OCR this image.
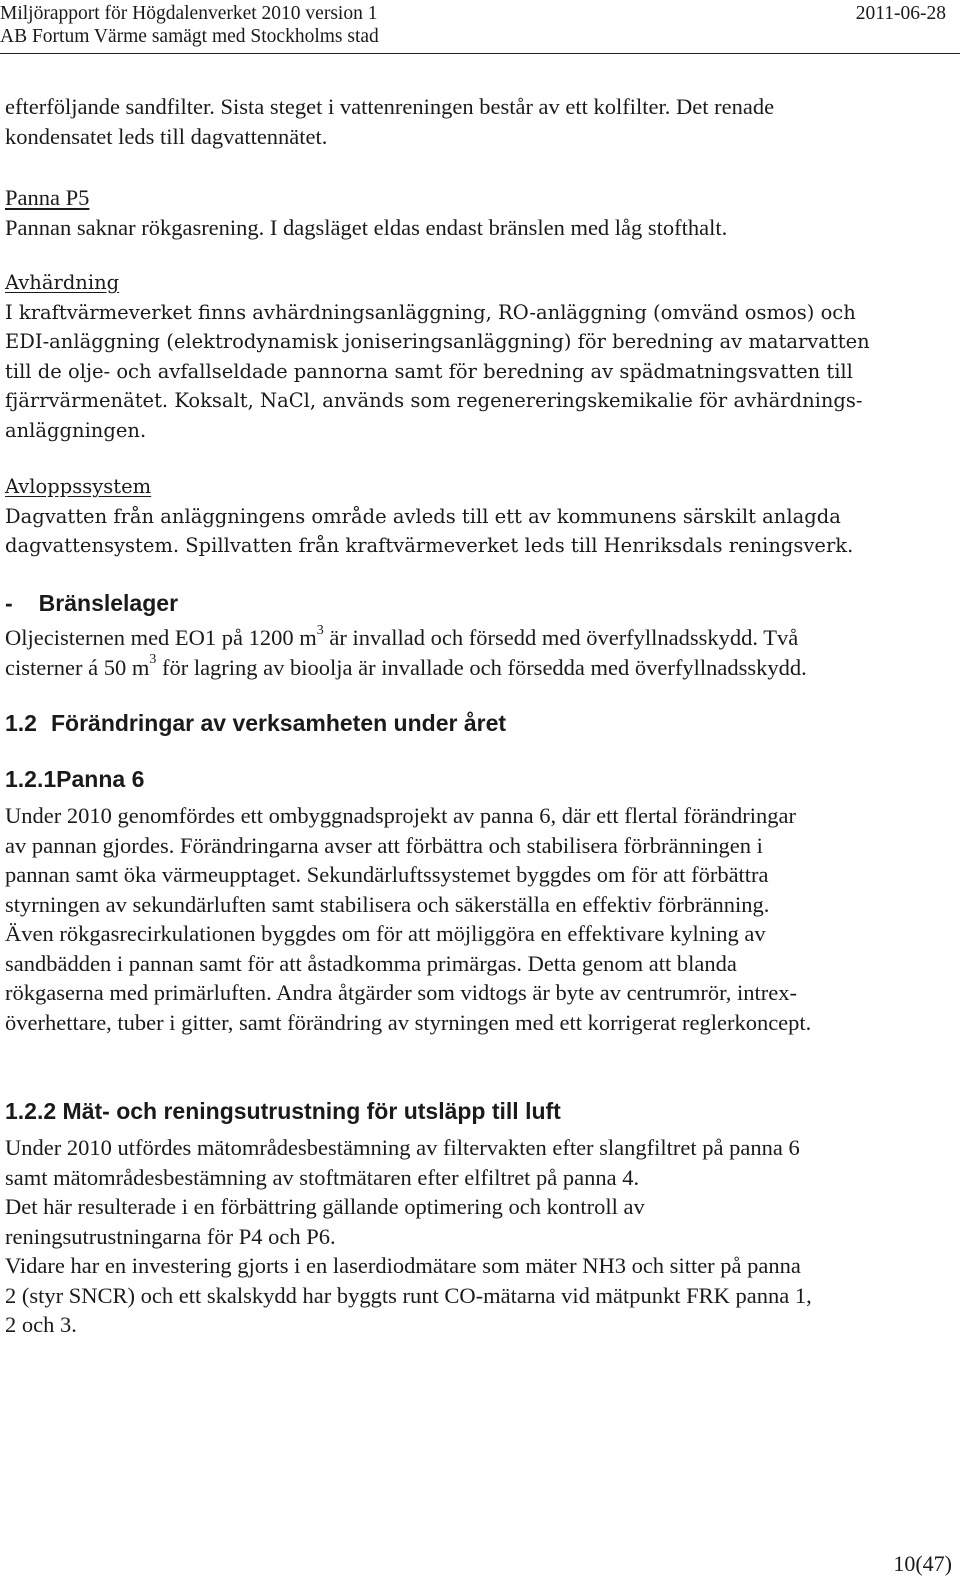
Miljörapport för Högdalenverket 2010 version 1
AB Fortum Värme samägt med Stockholms stad
2011-06-28
efterföljande sandfilter. Sista steget i vattenreningen består av ett kolfilter. Det renade
kondensatet leds till dagvattennätet.
Panna P5
Pannan saknar rökgasrening. I dagsläget eldas endast bränslen med låg stofthalt.
Avhärdning
I kraftvärmeverket finns avhärdningsanläggning, RO-anläggning (omvänd osmos) och
EDI-anläggning (elektrodynamisk joniseringsanläggning) för beredning av matarvatten
till de olje- och avfallseldade pannorna samt för beredning av spädmatningsvatten till
fjärrvärmenätet. Koksalt, NaCl, används som regenereringskemikalie för avhärdnings-
anläggningen.
Avloppssystem
Dagvatten från anläggningens område avleds till ett av kommunens särskilt anlagda
dagvattensystem. Spillvatten från kraftvärmeverket leds till Henriksdals reningsverk.
- Bränslelager
Oljecisternen med EO1 på 1200 $m^3$ är invallad och försedd med överfyllnadsskydd. Två
cisterner á 50 $m^3$ för lagring av bioolja är invallade och försedda med överfyllnadsskydd.
1.2 Förändringar av verksamheten under året
1.2.1Panna 6
Under 2010 genomfördes ett ombyggnadsprojekt av panna 6, där ett flertal förändringar
av pannan gjordes. Förändringarna avser att förbättra och stabilisera förbränningen i
pannan samt öka värmeupptaget. Sekundärluftssystemet byggdes om för att förbättra
styrningen av sekundärluften samt stabilisera och säkerställa en effektiv förbränning.
Även rökgasrecirkulationen byggdes om för att möjliggöra en effektivare kylning av
sandbädden i pannan samt för att åstadkomma primärgas. Detta genom att blanda
rökgaserna med primärluften. Andra åtgärder som vidtogs är byte av centrumrör, intrex-
överhettare, tuber i gitter, samt förändring av styrningen med ett korrigerat reglerkoncept.
1.2.2 Mät- och reningsutrustning för utsläpp till luft
Under 2010 utfördes mätområdesbestämning av filtervakten efter slangfiltret på panna 6
samt mätområdesbestämning av stoftmätaren efter elfiltret på panna 4.
Det här resulterade i en förbättring gällande optimering och kontroll av
reningsutrustningarna för P4 och P6.
Vidare har en investering gjorts i en laserdiodmätare som mäter NH3 och sitter på panna
2 (styr SNCR) och ett skalskydd har byggts runt CO-mätarna vid mätpunkt FRK panna 1,
2 och 3.
10(47)
